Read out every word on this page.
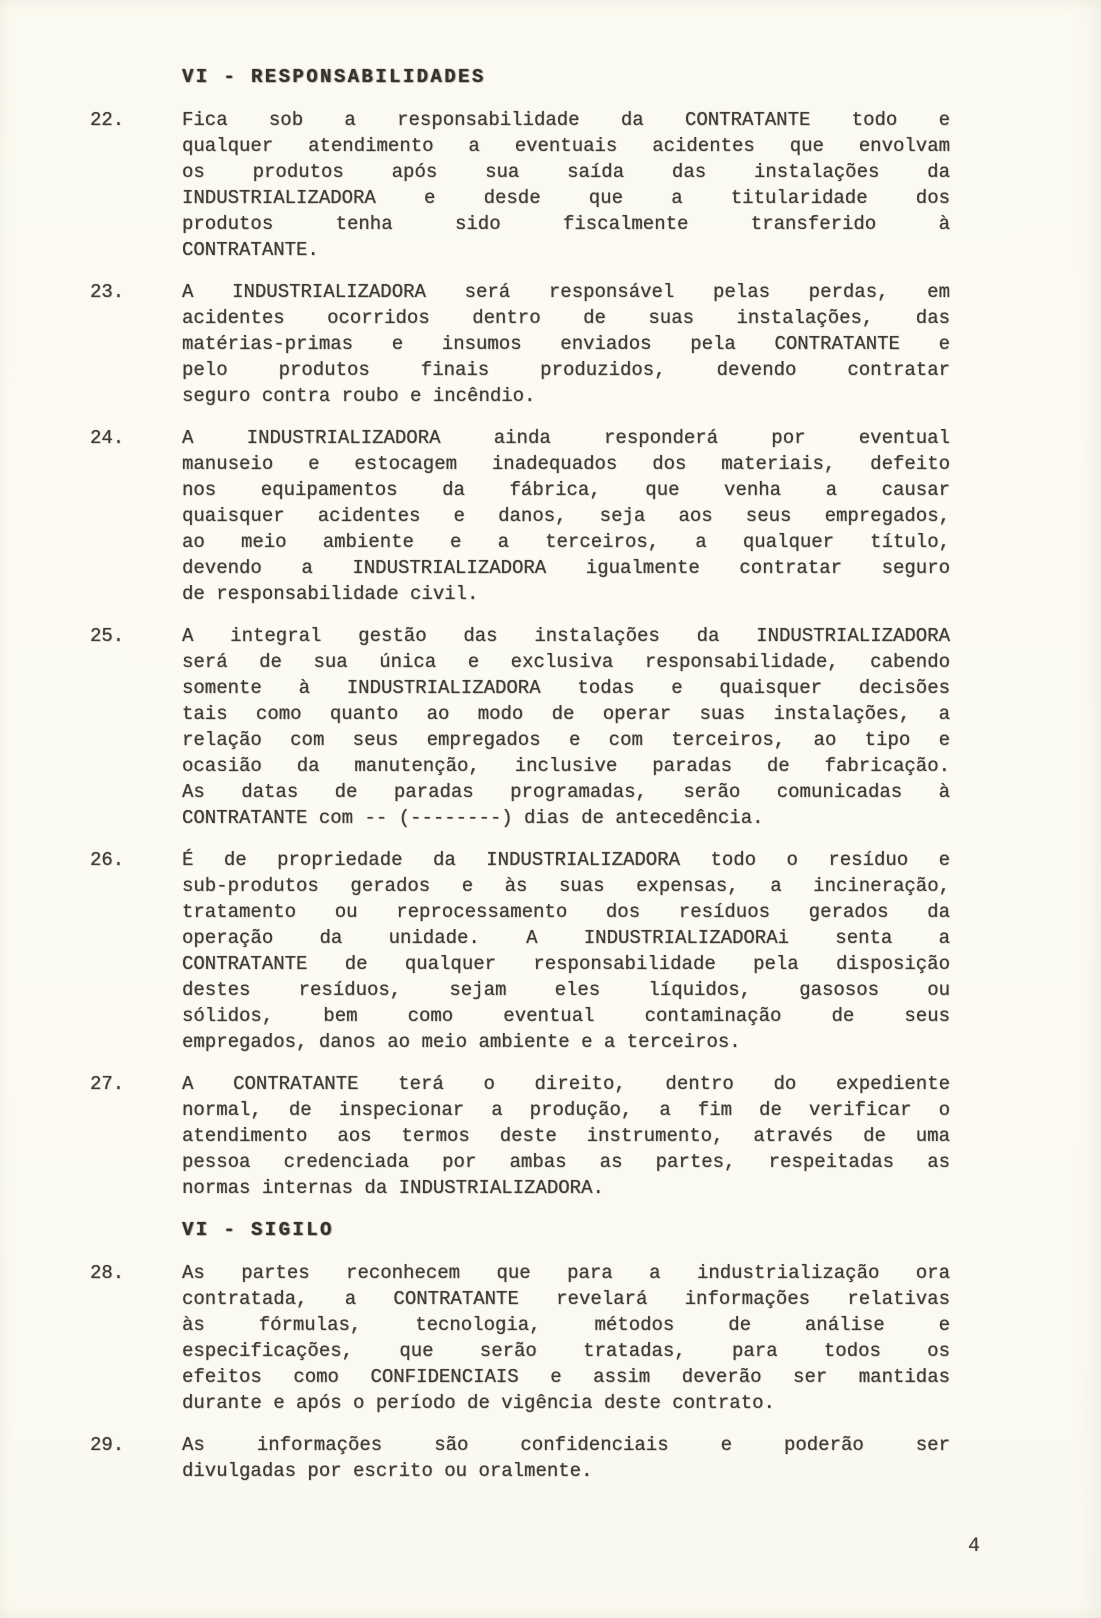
VI - RESPONSABILIDADES
22.	Fica sob a responsabilidade da CONTRATANTE todo e
qualquer atendimento a eventuais acidentes que envolvam
os produtos após sua saída das instalações da
INDUSTRIALIZADORA e desde que a titularidade dos
produtos tenha sido fiscalmente transferido à
CONTRATANTE.
23.	A INDUSTRIALIZADORA será responsável pelas perdas, em
acidentes ocorridos dentro de suas instalações, das
matérias-primas e insumos enviados pela CONTRATANTE e
pelo produtos finais produzidos, devendo contratar
seguro contra roubo e incêndio.
24.	A INDUSTRIALIZADORA ainda responderá por eventual
manuseio e estocagem inadequados dos materiais, defeito
nos equipamentos da fábrica, que venha a causar
quaisquer acidentes e danos, seja aos seus empregados,
ao meio ambiente e a terceiros, a qualquer título,
devendo a INDUSTRIALIZADORA igualmente contratar seguro
de responsabilidade civil.
25.	A integral gestão das instalações da INDUSTRIALIZADORA
será de sua única e exclusiva responsabilidade, cabendo
somente à INDUSTRIALIZADORA todas e quaisquer decisões
tais como quanto ao modo de operar suas instalações, a
relação com seus empregados e com terceiros, ao tipo e
ocasião da manutenção, inclusive paradas de fabricação.
As datas de paradas programadas, serão comunicadas à
CONTRATANTE com -- (--------) dias de antecedência.
26.	É de propriedade da INDUSTRIALIZADORA todo o resíduo e
sub-produtos gerados e às suas expensas, a incineração,
tratamento ou reprocessamento dos resíduos gerados da
operação da unidade. A INDUSTRIALIZADORAi senta a
CONTRATANTE de qualquer responsabilidade pela disposição
destes resíduos, sejam eles líquidos, gasosos ou
sólidos, bem como eventual contaminação de seus
empregados, danos ao meio ambiente e a terceiros.
27.	A CONTRATANTE terá o direito, dentro do expediente
normal, de inspecionar a produção, a fim de verificar o
atendimento aos termos deste instrumento, através de uma
pessoa credenciada por ambas as partes, respeitadas as
normas internas da INDUSTRIALIZADORA.
VI - SIGILO
28.	As partes reconhecem que para a industrialização ora
contratada, a CONTRATANTE revelará informações relativas
às fórmulas, tecnologia, métodos de análise e
especificações, que serão tratadas, para todos os
efeitos como CONFIDENCIAIS e assim deverão ser mantidas
durante e após o período de vigência deste contrato.
29.	As informações são confidenciais e poderão ser
divulgadas por escrito ou oralmente.
4
